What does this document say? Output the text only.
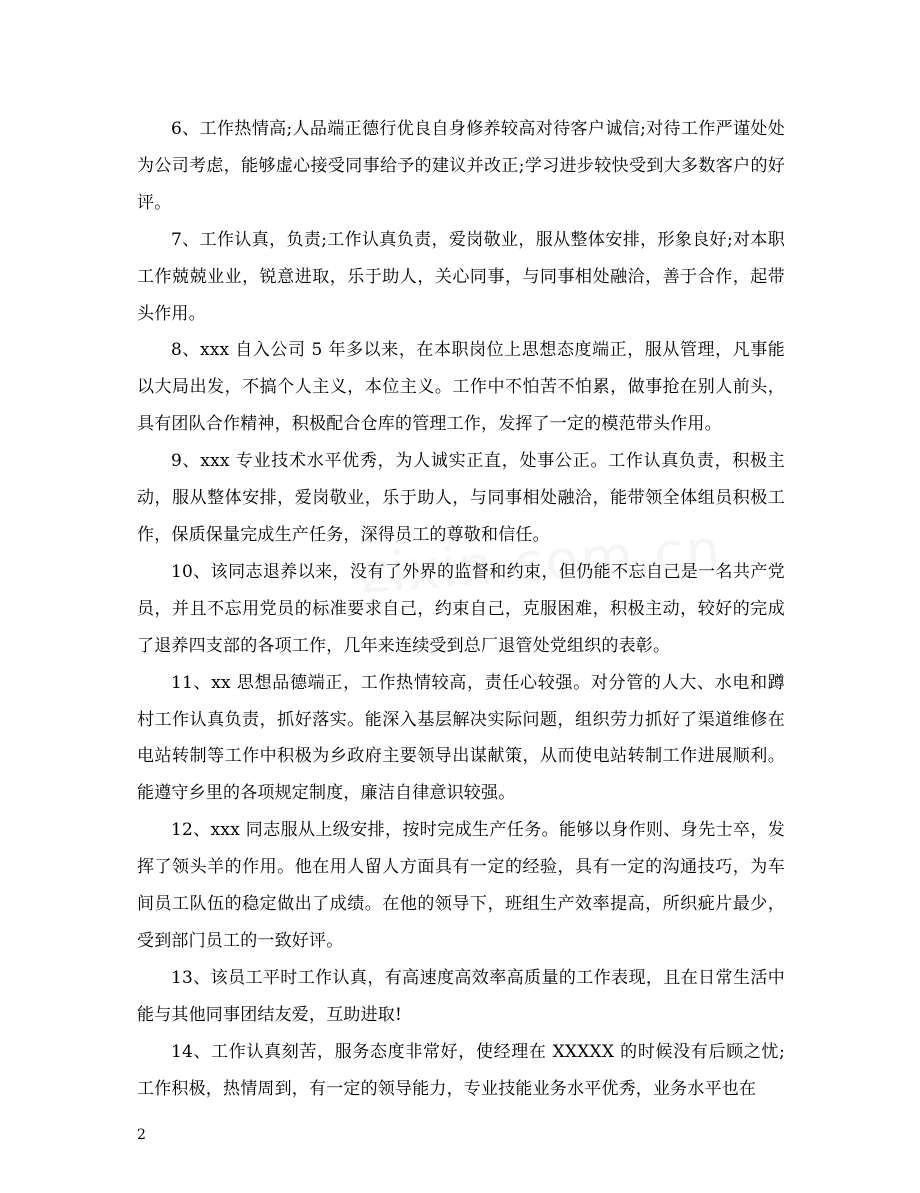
6、工作热情高;人品端正德行优良自身修养较高对待客户诚信;对待工作严谨处处为公司考虑，能够虚心接受同事给予的建议并改正;学习进步较快受到大多数客户的好评。

7、工作认真，负责;工作认真负责，爱岗敬业，服从整体安排，形象良好;对本职工作兢兢业业，锐意进取，乐于助人，关心同事，与同事相处融洽，善于合作，起带头作用。

8、xxx 自入公司 5 年多以来，在本职岗位上思想态度端正，服从管理，凡事能以大局出发，不搞个人主义，本位主义。工作中不怕苦不怕累，做事抢在别人前头，具有团队合作精神，积极配合仓库的管理工作，发挥了一定的模范带头作用。

9、xxx 专业技术水平优秀，为人诚实正直，处事公正。工作认真负责，积极主动，服从整体安排，爱岗敬业，乐于助人，与同事相处融洽，能带领全体组员积极工作，保质保量完成生产任务，深得员工的尊敬和信任。

10、该同志退养以来，没有了外界的监督和约束，但仍能不忘自己是一名共产党员，并且不忘用党员的标准要求自己，约束自己，克服困难，积极主动，较好的完成了退养四支部的各项工作，几年来连续受到总厂退管处党组织的表彰。

11、xx 思想品德端正，工作热情较高，责任心较强。对分管的人大、水电和蹲村工作认真负责，抓好落实。能深入基层解决实际问题，组织劳力抓好了渠道维修在电站转制等工作中积极为乡政府主要领导出谋献策，从而使电站转制工作进展顺利。能遵守乡里的各项规定制度，廉洁自律意识较强。

12、xxx 同志服从上级安排，按时完成生产任务。能够以身作则、身先士卒，发挥了领头羊的作用。他在用人留人方面具有一定的经验，具有一定的沟通技巧，为车间员工队伍的稳定做出了成绩。在他的领导下，班组生产效率提高，所织疵片最少，受到部门员工的一致好评。

13、该员工平时工作认真，有高速度高效率高质量的工作表现，且在日常生活中能与其他同事团结友爱，互助进取!

14、工作认真刻苦，服务态度非常好，使经理在 XXXXX 的时候没有后顾之忧;工作积极，热情周到，有一定的领导能力，专业技能业务水平优秀，业务水平也在

2
